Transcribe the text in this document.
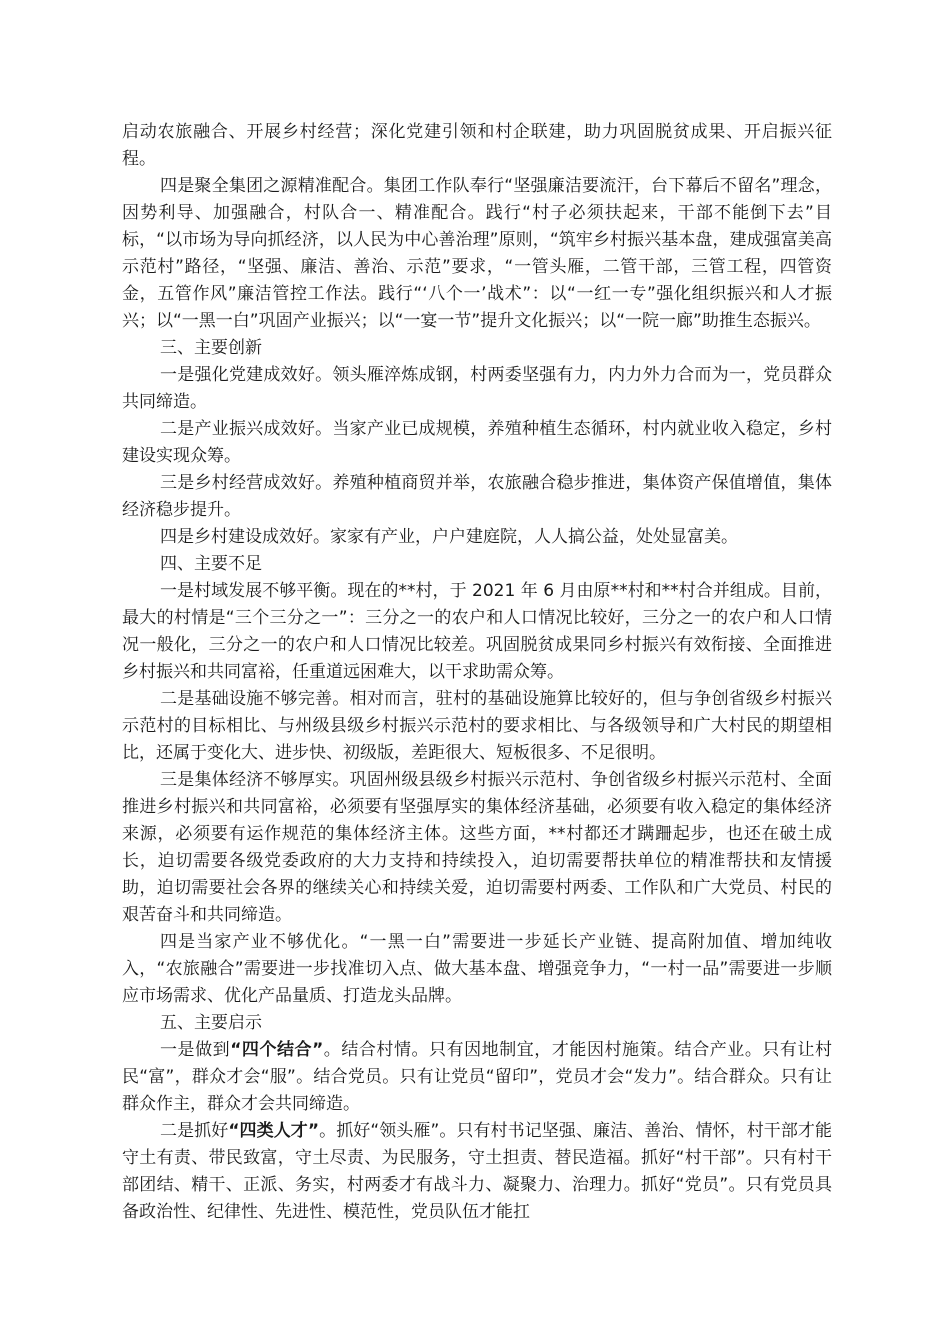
启动农旅融合、开展乡村经营；深化党建引领和村企联建，助力巩固脱贫成果、开启振兴征程。

四是聚全集团之源精准配合。集团工作队奉行“坚强廉洁要流汗，台下幕后不留名”理念，因势利导、加强融合，村队合一、精准配合。践行“村子必须扶起来，干部不能倒下去”目标，“以市场为导向抓经济，以人民为中心善治理”原则，“筑牢乡村振兴基本盘，建成强富美高示范村”路径，“坚强、廉洁、善治、示范”要求，“一管头雁，二管干部，三管工程，四管资金，五管作风”廉洁管控工作法。践行“‘八个一’战术”：以“一红一专”强化组织振兴和人才振兴；以“一黑一白”巩固产业振兴；以“一宴一节”提升文化振兴；以“一院一廊”助推生态振兴。

三、主要创新

一是强化党建成效好。领头雁淬炼成钢，村两委坚强有力，内力外力合而为一，党员群众共同缔造。

二是产业振兴成效好。当家产业已成规模，养殖种植生态循环，村内就业收入稳定，乡村建设实现众筹。

三是乡村经营成效好。养殖种植商贸并举，农旅融合稳步推进，集体资产保值增值，集体经济稳步提升。

四是乡村建设成效好。家家有产业，户户建庭院，人人搞公益，处处显富美。

四、主要不足

一是村域发展不够平衡。现在的**村，于 2021 年 6 月由原**村和**村合并组成。目前，最大的村情是“三个三分之一”：三分之一的农户和人口情况比较好，三分之一的农户和人口情况一般化，三分之一的农户和人口情况比较差。巩固脱贫成果同乡村振兴有效衔接、全面推进乡村振兴和共同富裕，任重道远困难大，以干求助需众筹。

二是基础设施不够完善。相对而言，驻村的基础设施算比较好的，但与争创省级乡村振兴示范村的目标相比、与州级县级乡村振兴示范村的要求相比、与各级领导和广大村民的期望相比，还属于变化大、进步快、初级版，差距很大、短板很多、不足很明。

三是集体经济不够厚实。巩固州级县级乡村振兴示范村、争创省级乡村振兴示范村、全面推进乡村振兴和共同富裕，必须要有坚强厚实的集体经济基础，必须要有收入稳定的集体经济来源，必须要有运作规范的集体经济主体。这些方面，**村都还才蹒跚起步，也还在破土成长，迫切需要各级党委政府的大力支持和持续投入，迫切需要帮扶单位的精准帮扶和友情援助，迫切需要社会各界的继续关心和持续关爱，迫切需要村两委、工作队和广大党员、村民的艰苦奋斗和共同缔造。

四是当家产业不够优化。“一黑一白”需要进一步延长产业链、提高附加值、增加纯收入，“农旅融合”需要进一步找准切入点、做大基本盘、增强竞争力，“一村一品”需要进一步顺应市场需求、优化产品量质、打造龙头品牌。

五、主要启示

一是做到“四个结合”。结合村情。只有因地制宜，才能因村施策。结合产业。只有让村民“富”，群众才会“服”。结合党员。只有让党员“留印”，党员才会“发力”。结合群众。只有让群众作主，群众才会共同缔造。

二是抓好“四类人才”。抓好“领头雁”。只有村书记坚强、廉洁、善治、情怀，村干部才能守土有责、带民致富，守土尽责、为民服务，守土担责、替民造福。抓好“村干部”。只有村干部团结、精干、正派、务实，村两委才有战斗力、凝聚力、治理力。抓好“党员”。只有党员具备政治性、纪律性、先进性、模范性，党员队伍才能扛
